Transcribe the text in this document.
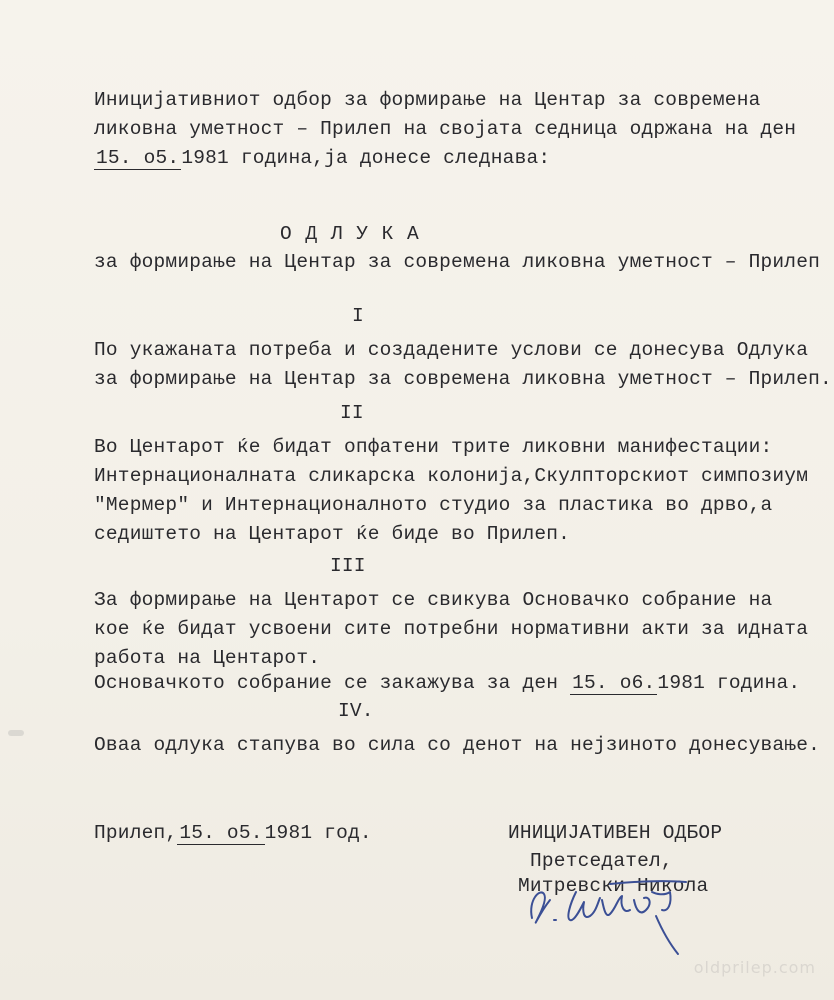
Иницијативниот одбор за формирање на Центар за современа
ликовна уметност – Прилеп на својата седница одржана на ден
15. о5. 1981 година,ја донесе следнава:
О Д Л У К А
за формирање на Центар за современа ликовна уметност – Прилеп
I
По укажаната потреба и создадените услови се донесува Одлука
за формирање на Центар за современа ликовна уметност – Прилеп.
II
Во Центарот ќе бидат опфатени трите ликовни манифестации:
Интернационалната сликарска колонија,Скулпторскиот симпозиум
"Мермер" и Интернационалното студио за пластика во дрво,а
седиштето на Центарот ќе биде во Прилеп.
III
За формирање на Центарот се свикува Основачко собрание на
кое ќе бидат усвоени сите потребни нормативни акти за идната
работа на Центарот.
Основачкото собрание се закажува за ден 15. о6. 1981 година.
IV.
Оваа одлука стапува во сила со денот на нејзиното донесување.
Прилеп, 15. о5. 1981 год.	ИНИЦИЈАТИВЕН ОДБОР
Претседател,
Митревски Никола
oldprilep.com
